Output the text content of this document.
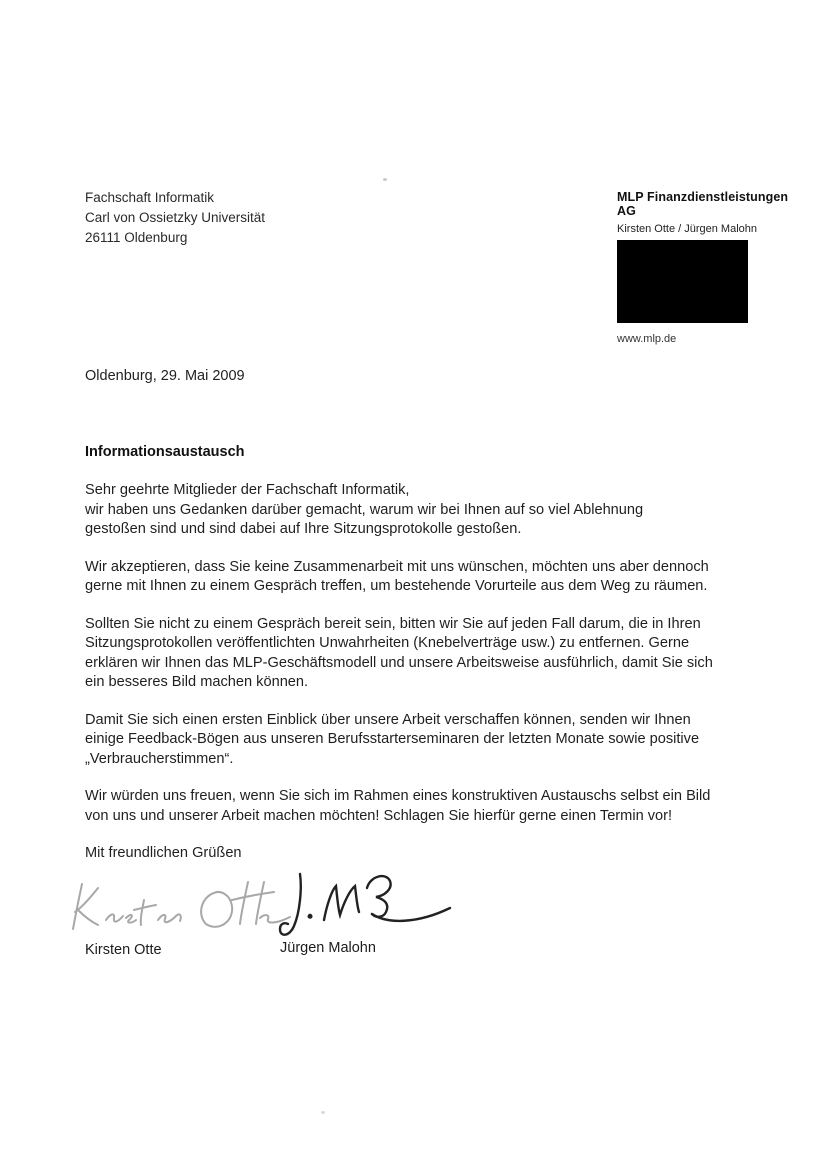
Fachschaft Informatik
Carl von Ossietzky Universität
26111 Oldenburg
MLP Finanzdienstleistungen AG
Kirsten Otte / Jürgen Malohn
www.mlp.de
Oldenburg, 29. Mai 2009
Informationsaustausch
Sehr geehrte Mitglieder der Fachschaft Informatik,
wir haben uns Gedanken darüber gemacht, warum wir bei Ihnen auf so viel Ablehnung
gestoßen sind und sind dabei auf Ihre Sitzungsprotokolle gestoßen.
Wir akzeptieren, dass Sie keine Zusammenarbeit mit uns wünschen, möchten uns aber dennoch
gerne mit Ihnen zu einem Gespräch treffen, um bestehende Vorurteile aus dem Weg zu räumen.
Sollten Sie nicht zu einem Gespräch bereit sein, bitten wir Sie auf jeden Fall darum, die in Ihren
Sitzungsprotokollen veröffentlichten Unwahrheiten (Knebelverträge usw.) zu entfernen. Gerne
erklären wir Ihnen das MLP-Geschäftsmodell und unsere Arbeitsweise ausführlich, damit Sie sich
ein besseres Bild machen können.
Damit Sie sich einen ersten Einblick über unsere Arbeit verschaffen können, senden wir Ihnen
einige Feedback-Bögen aus unseren Berufsstarterseminaren der letzten Monate sowie positive
„Verbraucherstimmen“.
Wir würden uns freuen, wenn Sie sich im Rahmen eines konstruktiven Austauschs selbst ein Bild
von uns und unserer Arbeit machen möchten! Schlagen Sie hierfür gerne einen Termin vor!
Mit freundlichen Grüßen
Kirsten Otte	Jürgen Malohn
